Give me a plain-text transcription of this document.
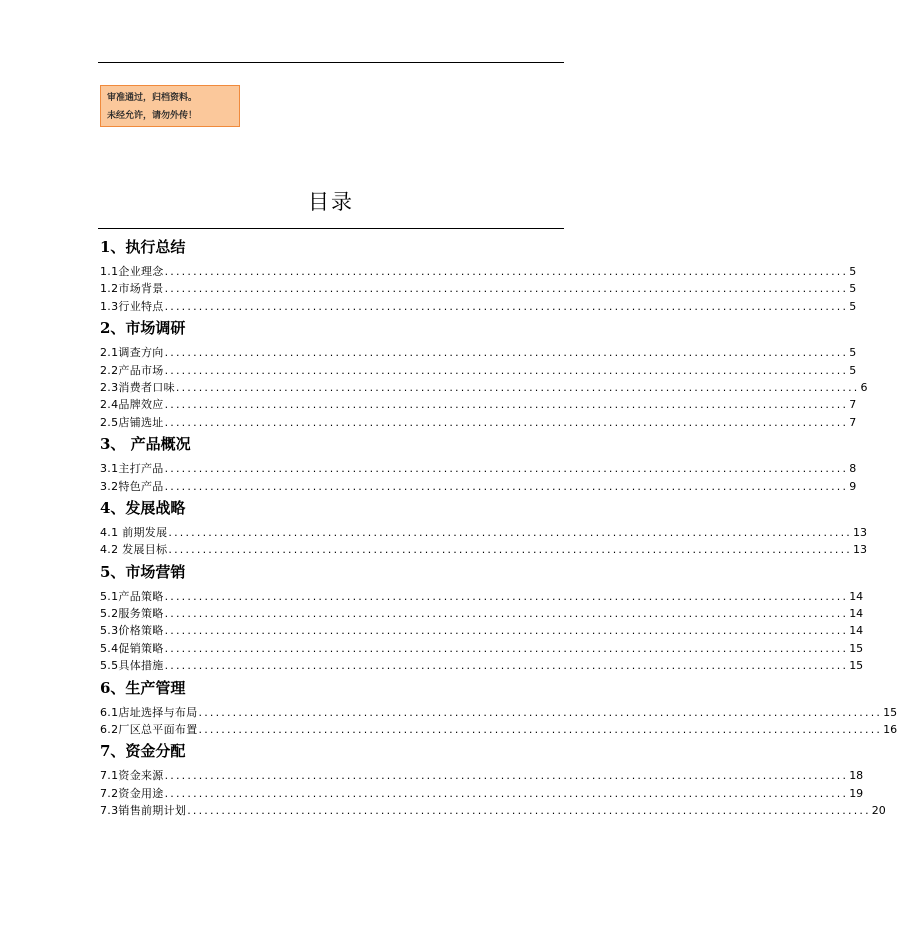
审准通过，归档资料。
未经允许，请勿外传！
目录
1、执行总结
1.1企业理念 ........................................................................................................................ 5
1.2市场背景 ........................................................................................................................ 5
1.3行业特点 ........................................................................................................................ 5
2、市场调研
2.1调查方向 ........................................................................................................................ 5
2.2产品市场 ........................................................................................................................ 5
2.3消费者口味 ........................................................................................................................ 6
2.4品牌效应 ........................................................................................................................ 7
2.5店铺选址 ........................................................................................................................ 7
3、 产品概况
3.1主打产品 ........................................................................................................................ 8
3.2特色产品 ........................................................................................................................ 9
4、发展战略
4.1 前期发展 ........................................................................................................................ 13
4.2 发展目标 ........................................................................................................................ 13
5、市场营销
5.1产品策略 ........................................................................................................................ 14
5.2服务策略 ........................................................................................................................ 14
5.3价格策略 ........................................................................................................................ 14
5.4促销策略 ........................................................................................................................ 15
5.5具体措施 ........................................................................................................................ 15
6、生产管理
6.1店址选择与布局 ........................................................................................................................ 15
6.2厂区总平面布置 ........................................................................................................................ 16
7、资金分配
7.1资金来源 ........................................................................................................................ 18
7.2资金用途 ........................................................................................................................ 19
7.3销售前期计划 ........................................................................................................................ 20
